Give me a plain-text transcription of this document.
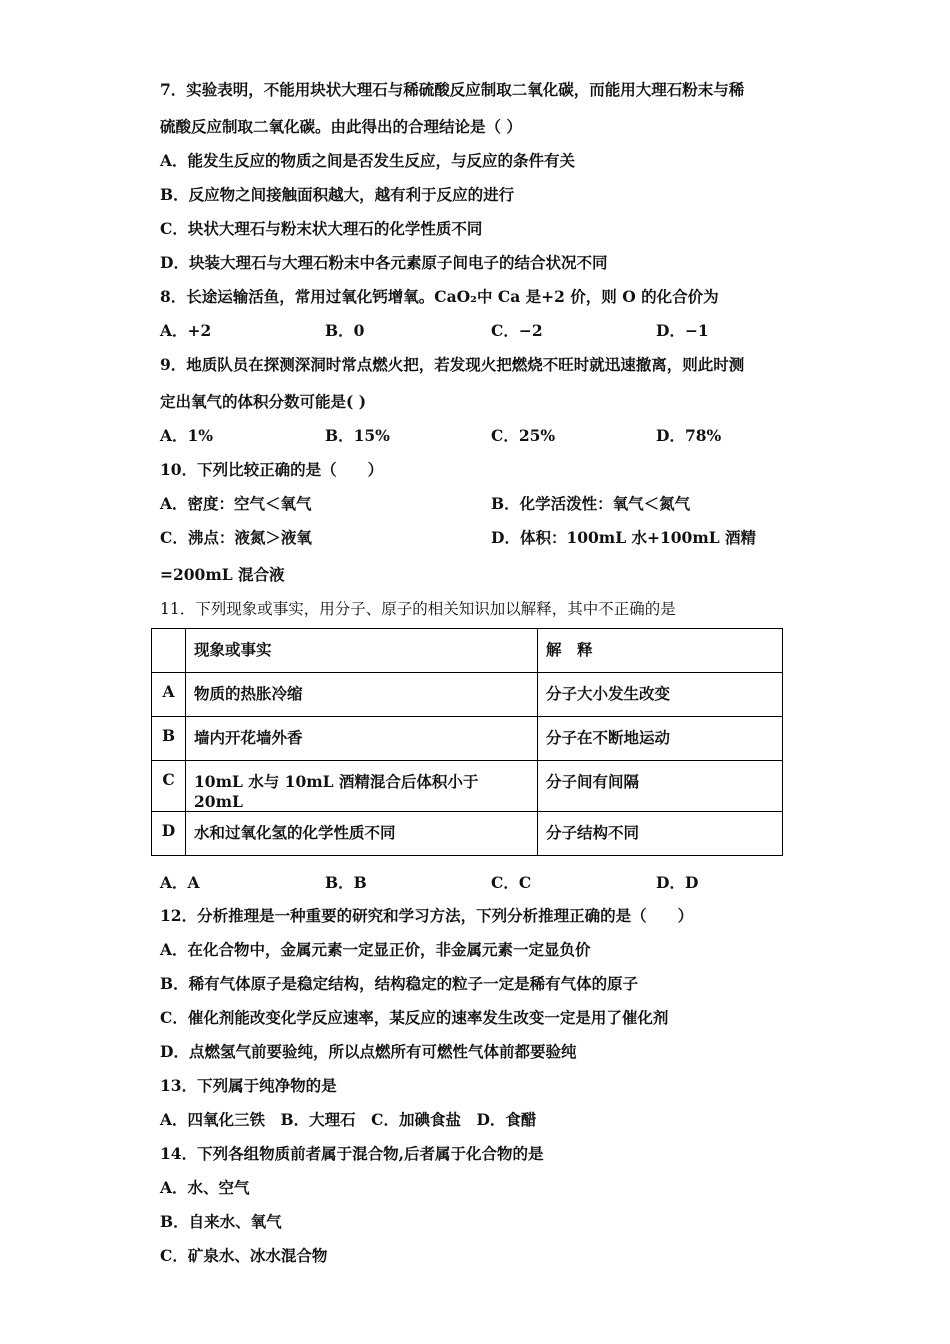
7．实验表明，不能用块状大理石与稀硫酸反应制取二氧化碳，而能用大理石粉末与稀
硫酸反应制取二氧化碳。由此得出的合理结论是（ ）
A．能发生反应的物质之间是否发生反应，与反应的条件有关
B．反应物之间接触面积越大，越有利于反应的进行
C．块状大理石与粉末状大理石的化学性质不同
D．块装大理石与大理石粉末中各元素原子间电子的结合状况不同
8．长途运输活鱼，常用过氧化钙增氧。CaO₂中 Ca 是+2 价，则 O 的化合价为
A．+2	B．0	C．−2	D．−1
9．地质队员在探测深洞时常点燃火把，若发现火把燃烧不旺时就迅速撤离，则此时测
定出氧气的体积分数可能是( )
A．1%	B．15%	C．25%	D．78%
10．下列比较正确的是（　　）
A．密度：空气＜氧气	B．化学活泼性：氧气＜氮气
C．沸点：液氮＞液氧	D．体积：100mL 水+100mL 酒精
=200mL 混合液
11．下列现象或事实，用分子、原子的相关知识加以解释，其中不正确的是
	现象或事实	解　释
A	物质的热胀冷缩	分子大小发生改变
B	墙内开花墙外香	分子在不断地运动
C	10mL 水与 10mL 酒精混合后体积小于 20mL	分子间有间隔
D	水和过氧化氢的化学性质不同	分子结构不同
A．A	B．B	C．C	D．D
12．分析推理是一种重要的研究和学习方法，下列分析推理正确的是（　　）
A．在化合物中，金属元素一定显正价，非金属元素一定显负价
B．稀有气体原子是稳定结构，结构稳定的粒子一定是稀有气体的原子
C．催化剂能改变化学反应速率，某反应的速率发生改变一定是用了催化剂
D．点燃氢气前要验纯，所以点燃所有可燃性气体前都要验纯
13．下列属于纯净物的是
A．四氧化三铁　B．大理石　C．加碘食盐　D．食醋
14．下列各组物质前者属于混合物,后者属于化合物的是
A．水、空气
B．自来水、氧气
C．矿泉水、冰水混合物
